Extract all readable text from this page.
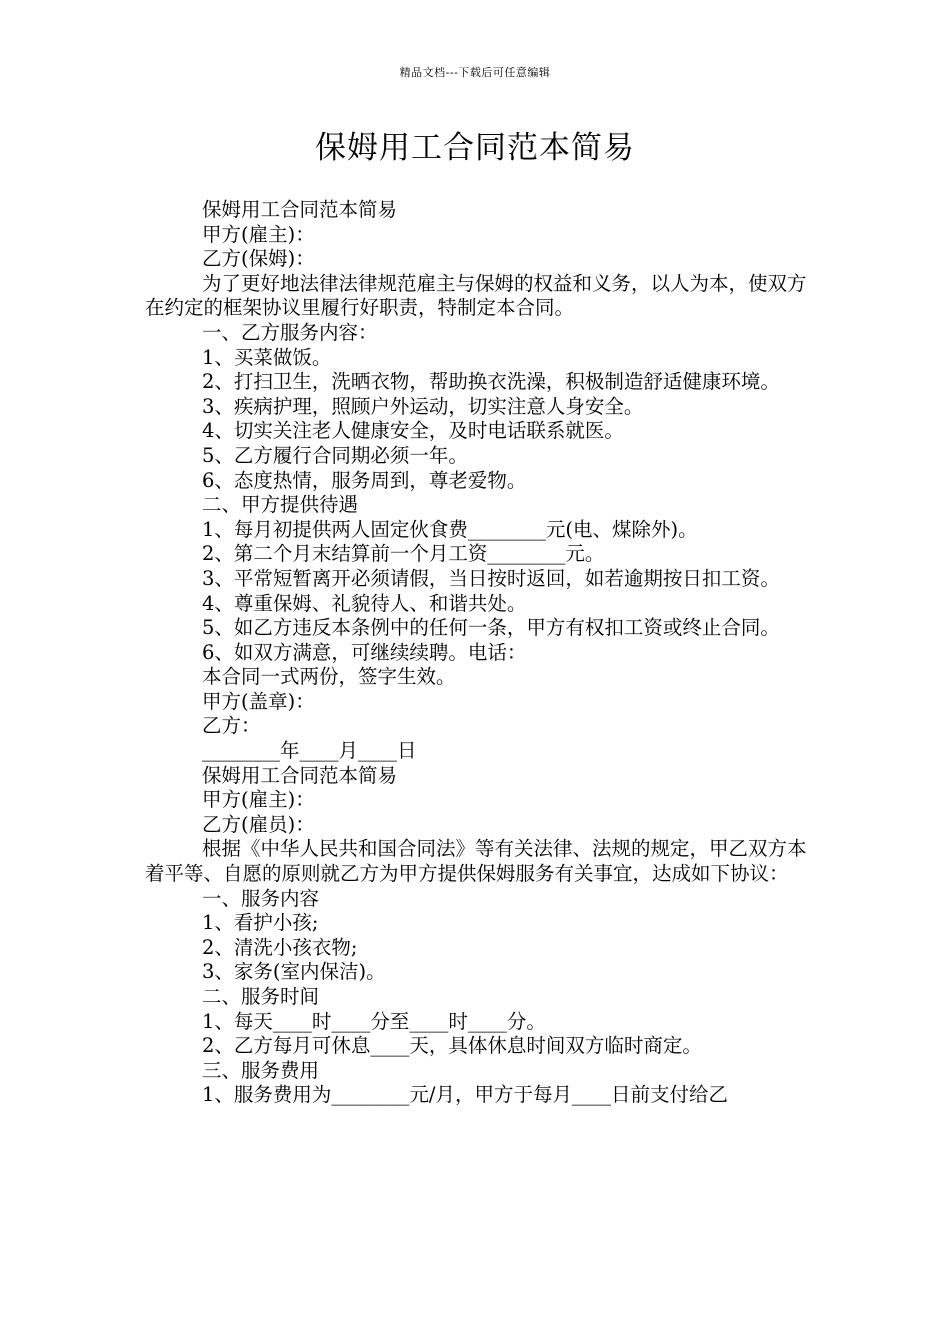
精品文档---下载后可任意编辑
保姆用工合同范本简易

保姆用工合同范本简易

甲方(雇主)：

乙方(保姆)：

为了更好地法律法律规范雇主与保姆的权益和义务，以人为本，使双方在约定的框架协议里履行好职责，特制定本合同。

一、乙方服务内容：

1、买菜做饭。

2、打扫卫生，洗晒衣物，帮助换衣洗澡，积极制造舒适健康环境。

3、疾病护理，照顾户外运动，切实注意人身安全。

4、切实关注老人健康安全，及时电话联系就医。

5、乙方履行合同期必须一年。

6、态度热情，服务周到，尊老爱物。

二、甲方提供待遇

1、每月初提供两人固定伙食费________元(电、煤除外)。

2、第二个月末结算前一个月工资________元。

3、平常短暂离开必须请假，当日按时返回，如若逾期按日扣工资。

4、尊重保姆、礼貌待人、和谐共处。

5、如乙方违反本条例中的任何一条，甲方有权扣工资或终止合同。

6、如双方满意，可继续续聘。电话：

本合同一式两份，签字生效。

甲方(盖章)：

乙方：

________年____月____日

保姆用工合同范本简易

甲方(雇主)：

乙方(雇员)：

根据《中华人民共和国合同法》等有关法律、法规的规定，甲乙双方本着平等、自愿的原则就乙方为甲方提供保姆服务有关事宜，达成如下协议：

一、服务内容

1、看护小孩;

2、清洗小孩衣物;

3、家务(室内保洁)。

二、服务时间

1、每天____时____分至____时____分。

2、乙方每月可休息____天，具体休息时间双方临时商定。

三、服务费用

1、服务费用为________元/月，甲方于每月____日前支付给乙
